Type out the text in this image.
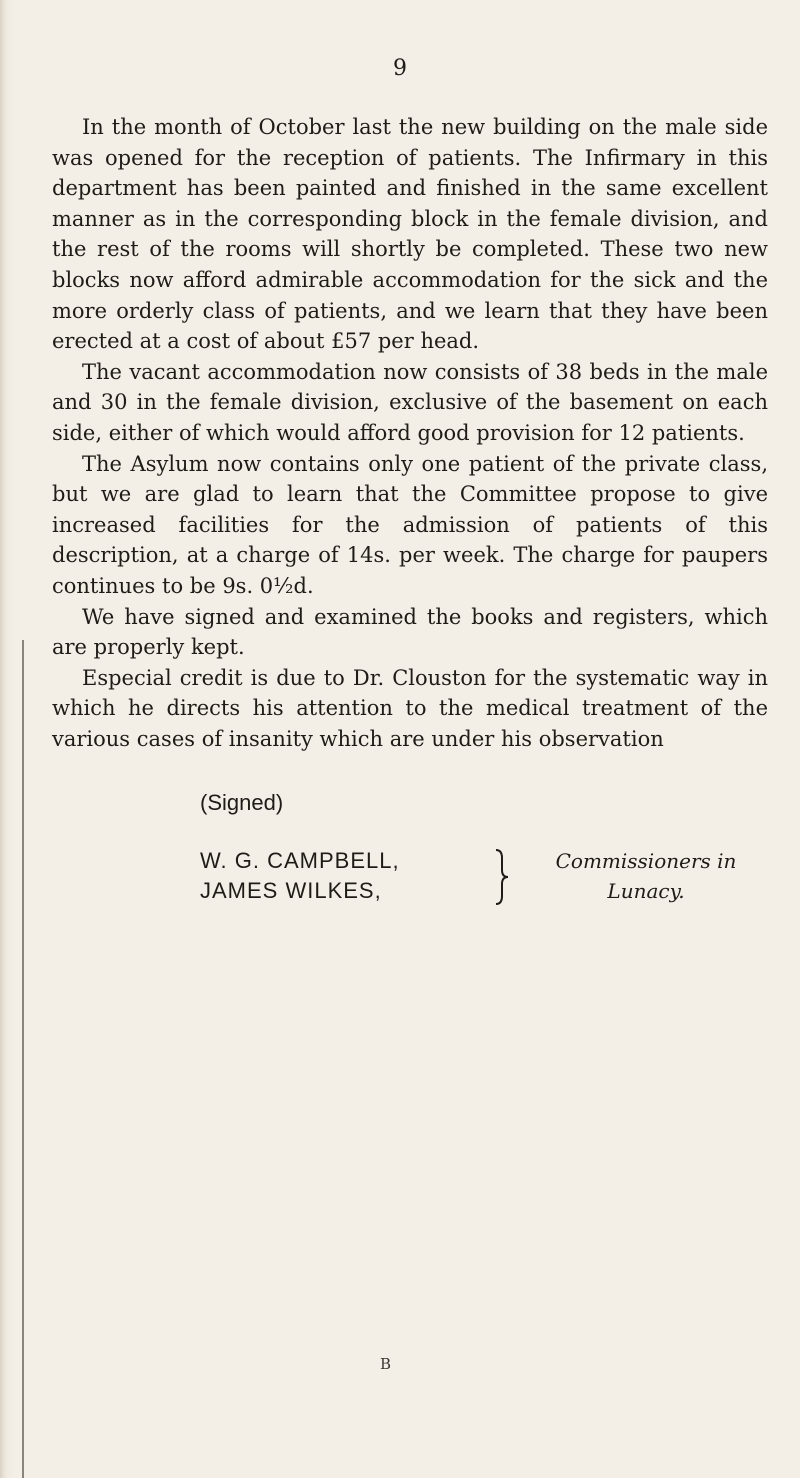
9

In the month of October last the new building on the male side was opened for the reception of patients. The Infirmary in this department has been painted and finished in the same excellent manner as in the corresponding block in the female division, and the rest of the rooms will shortly be completed. These two new blocks now afford admirable accommodation for the sick and the more orderly class of patients, and we learn that they have been erected at a cost of about £57 per head.

The vacant accommodation now consists of 38 beds in the male and 30 in the female division, exclusive of the basement on each side, either of which would afford good provision for 12 patients.

The Asylum now contains only one patient of the private class, but we are glad to learn that the Committee propose to give increased facilities for the admission of patients of this description, at a charge of 14s. per week. The charge for paupers continues to be 9s. 0½d.

We have signed and examined the books and registers, which are properly kept.

Especial credit is due to Dr. Clouston for the systematic way in which he directs his attention to the medical treatment of the various cases of insanity which are under his observation

(Signed)
W. G. CAMPBELL,
JAMES WILKES,
Commissioners in
Lunacy.
B
